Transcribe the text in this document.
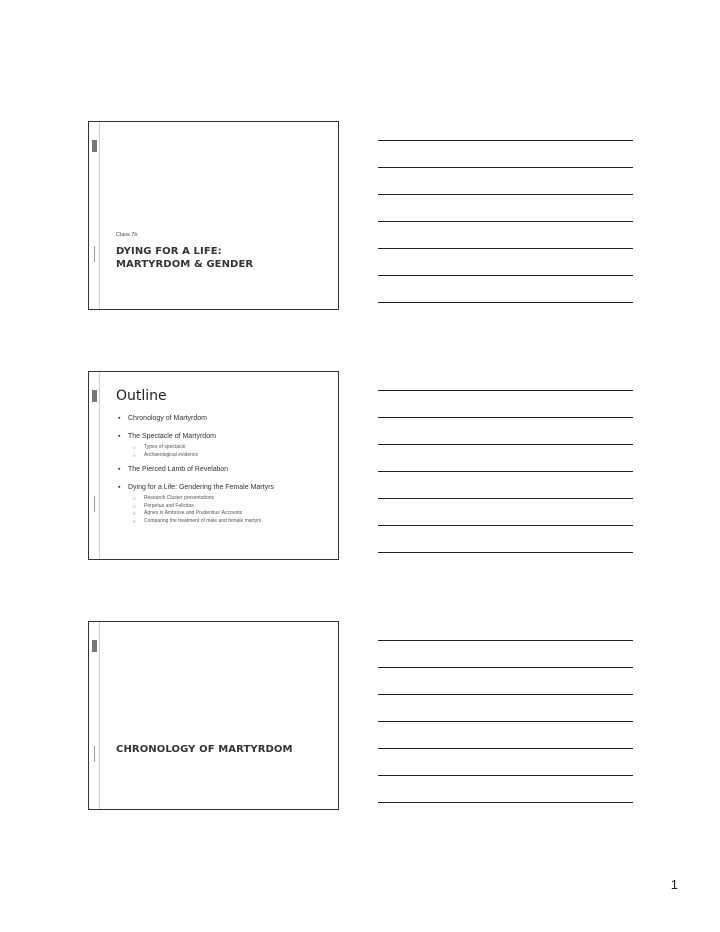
Class 7b
DYING FOR A LIFE:
MARTYRDOM & GENDER
Outline
▪ Chronology of Martyrdom
▪ The Spectacle of Martyrdom
○ Types of spectacle
○ Archaeological evidence
▪ The Pierced Lamb of Revelation
▪ Dying for a Life: Gendering the Female Martyrs
○ Research Cluster presentations
○ Perpetua and Felicitas
○ Agnes in Ambrose and Prudentius' Accounts
○ Comparing the treatment of male and female martyrs
CHRONOLOGY OF MARTYRDOM
1
